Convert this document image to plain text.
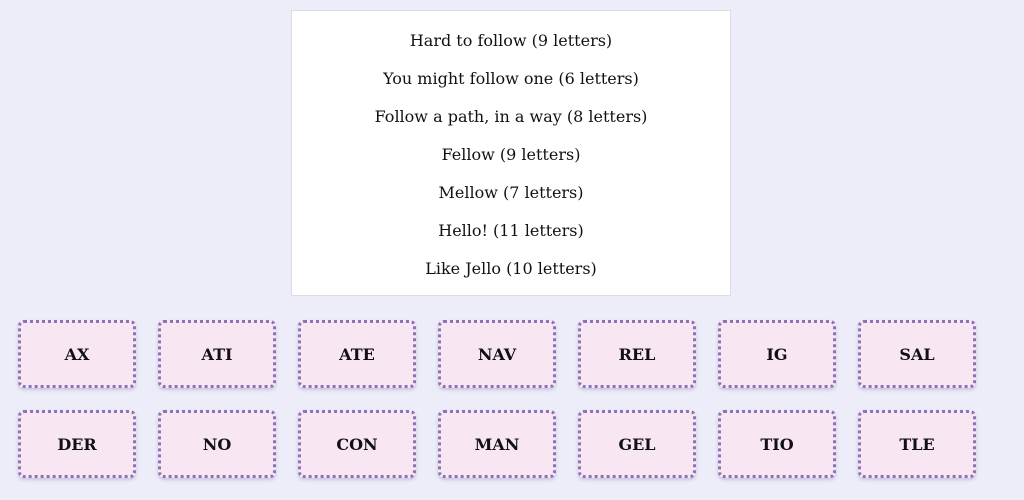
Hard to follow (9 letters)
You might follow one (6 letters)
Follow a path, in a way (8 letters)
Fellow (9 letters)
Mellow (7 letters)
Hello! (11 letters)
Like Jello (10 letters)
AX	ATI	ATE	NAV	REL	IG	SAL
DER	NO	CON	MAN	GEL	TIO	TLE
